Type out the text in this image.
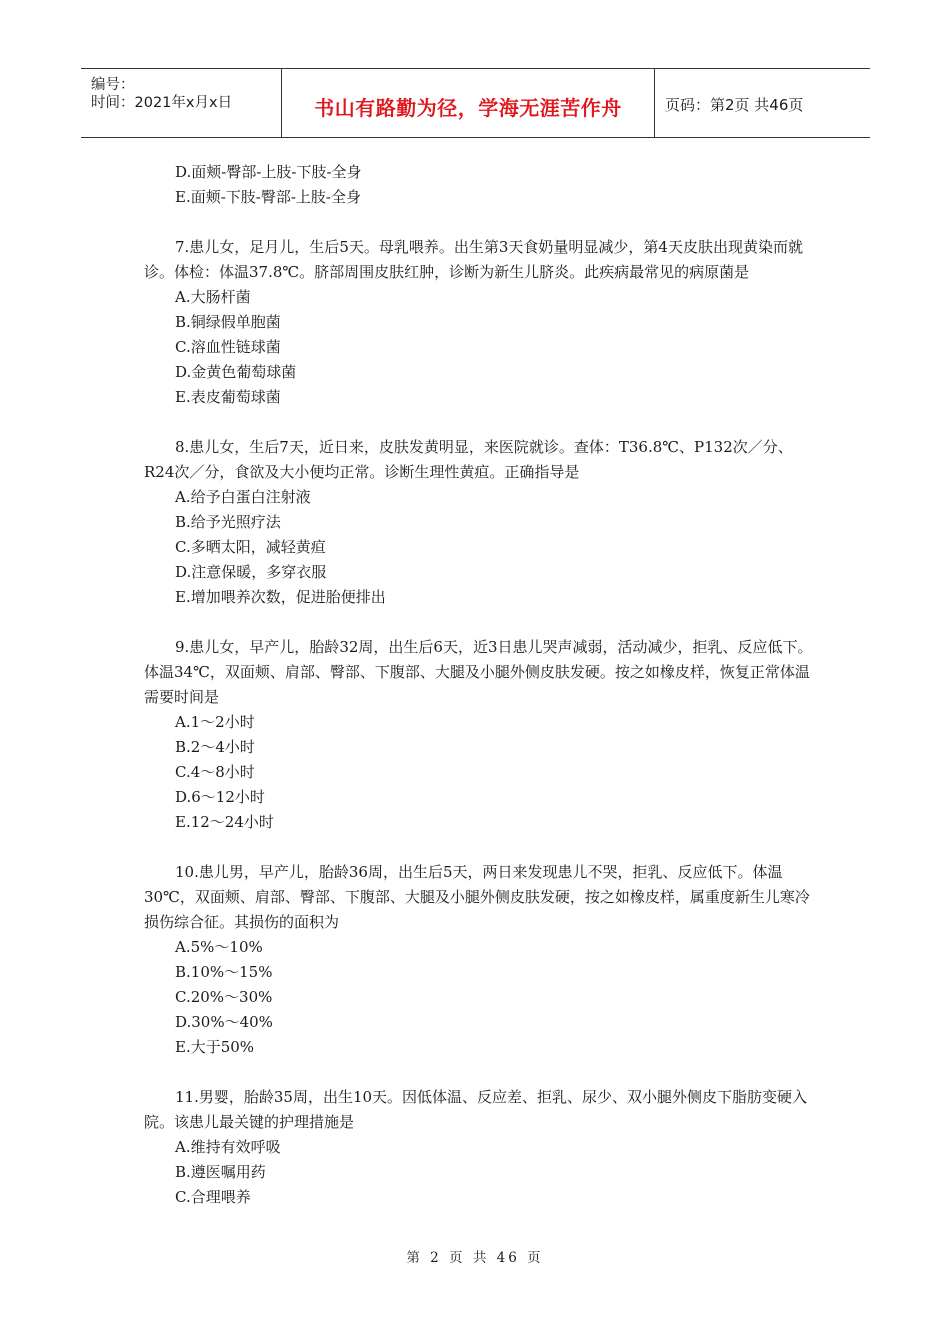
编号：
时间：2021年x月x日	书山有路勤为径，学海无涯苦作舟	页码：第2页 共46页

D.面颊-臀部-上肢-下肢-全身

E.面颊-下肢-臀部-上肢-全身

7.患儿女，足月儿，生后5天。母乳喂养。出生第3天食奶量明显减少，第4天皮肤出现黄染而就诊。体检：体温37.8℃。脐部周围皮肤红肿，诊断为新生儿脐炎。此疾病最常见的病原菌是

A.大肠杆菌

B.铜绿假单胞菌

C.溶血性链球菌

D.金黄色葡萄球菌

E.表皮葡萄球菌

8.患儿女，生后7天，近日来，皮肤发黄明显，来医院就诊。查体：T36.8℃、P132次／分、R24次／分，食欲及大小便均正常。诊断生理性黄疸。正确指导是

A.给予白蛋白注射液

B.给予光照疗法

C.多晒太阳，减轻黄疸

D.注意保暖，多穿衣服

E.增加喂养次数，促进胎便排出

9.患儿女，早产儿，胎龄32周，出生后6天，近3日患儿哭声减弱，活动减少，拒乳、反应低下。体温34℃，双面颊、肩部、臀部、下腹部、大腿及小腿外侧皮肤发硬。按之如橡皮样，恢复正常体温需要时间是

A.1～2小时

B.2～4小时

C.4～8小时

D.6～12小时

E.12～24小时

10.患儿男，早产儿，胎龄36周，出生后5天，两日来发现患儿不哭，拒乳、反应低下。体温30℃，双面颊、肩部、臀部、下腹部、大腿及小腿外侧皮肤发硬，按之如橡皮样，属重度新生儿寒冷损伤综合征。其损伤的面积为

A.5%～10%

B.10%～15%

C.20%～30%

D.30%～40%

E.大于50%

11.男婴，胎龄35周，出生10天。因低体温、反应差、拒乳、尿少、双小腿外侧皮下脂肪变硬入院。该患儿最关键的护理措施是

A.维持有效呼吸

B.遵医嘱用药

C.合理喂养

第 2 页 共 46 页
